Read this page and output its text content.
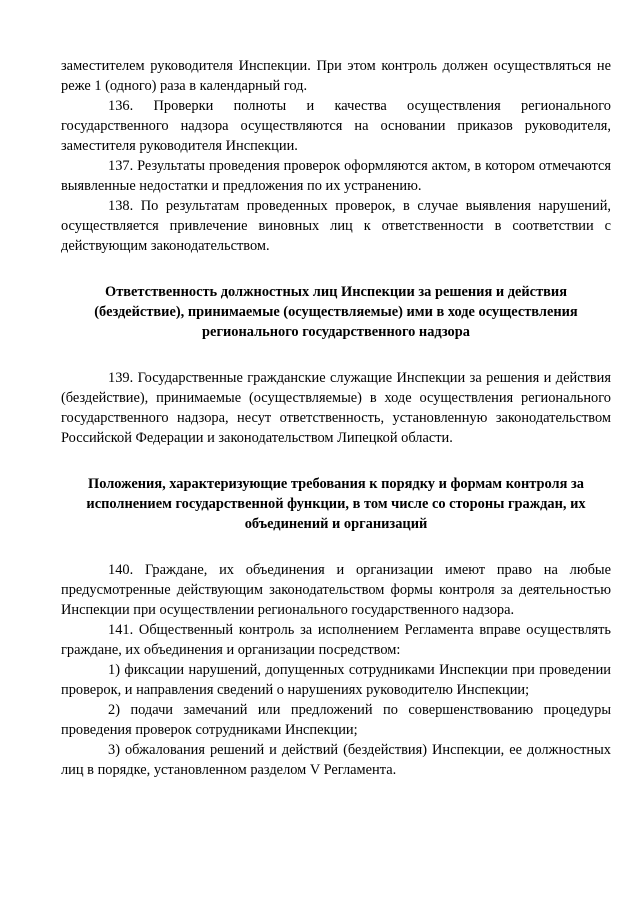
заместителем руководителя Инспекции. При этом контроль должен осуществляться не реже 1 (одного) раза в календарный год.

136. Проверки полноты и качества осуществления регионального государственного надзора осуществляются на основании приказов руководителя, заместителя руководителя Инспекции.

137. Результаты проведения проверок оформляются актом, в котором отмечаются выявленные недостатки и предложения по их устранению.

138. По результатам проведенных проверок, в случае выявления нарушений, осуществляется привлечение виновных лиц к ответственности в соответствии с действующим законодательством.

Ответственность должностных лиц Инспекции за решения и действия (бездействие), принимаемые (осуществляемые) ими в ходе осуществления регионального государственного надзора

139. Государственные гражданские служащие Инспекции за решения и действия (бездействие), принимаемые (осуществляемые) в ходе осуществления регионального государственного надзора, несут ответственность, установленную законодательством Российской Федерации и законодательством Липецкой области.

Положения, характеризующие требования к порядку и формам контроля за исполнением государственной функции, в том числе со стороны граждан, их объединений и организаций

140. Граждане, их объединения и организации имеют право на любые предусмотренные действующим законодательством формы контроля за деятельностью Инспекции при осуществлении регионального государственного надзора.

141. Общественный контроль за исполнением Регламента вправе осуществлять граждане, их объединения и организации посредством:

1) фиксации нарушений, допущенных сотрудниками Инспекции при проведении проверок, и направления сведений о нарушениях руководителю Инспекции;

2) подачи замечаний или предложений по совершенствованию процедуры проведения проверок сотрудниками Инспекции;

3) обжалования решений и действий (бездействия) Инспекции, ее должностных лиц в порядке, установленном разделом V Регламента.
